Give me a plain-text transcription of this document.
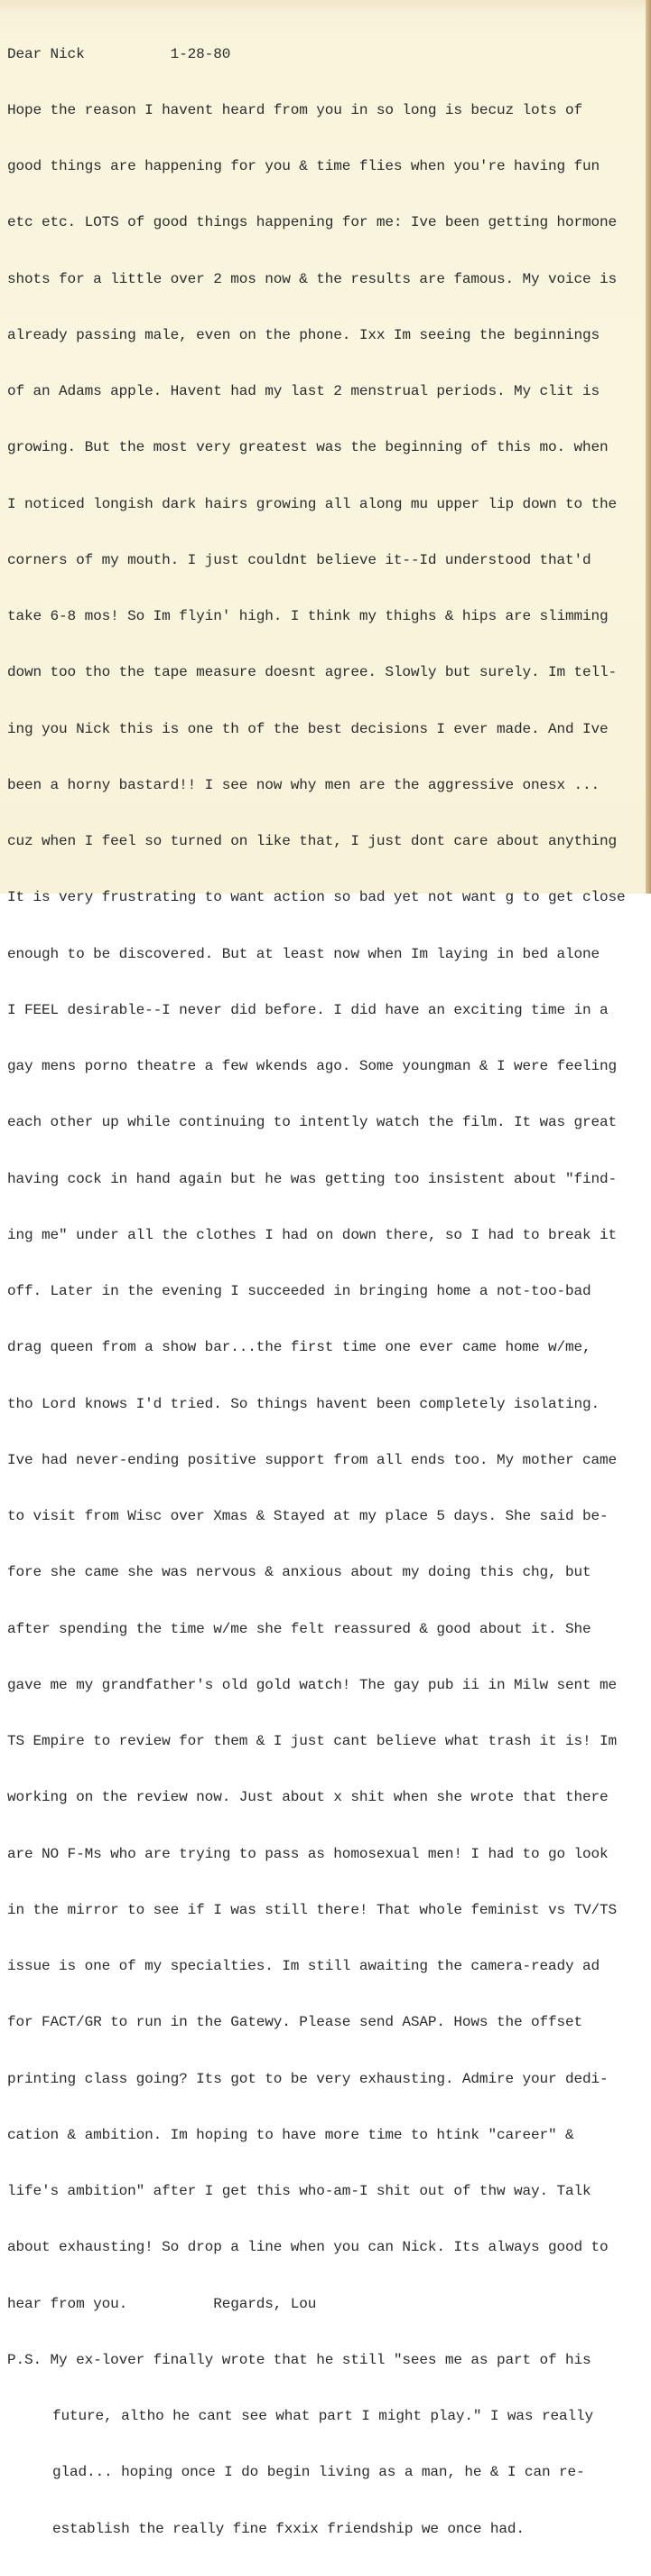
Dear Nick          1-28-80

Hope the reason I havent heard from you in so long is becuz lots of

good things are happening for you & time flies when you're having fun

etc etc. LOTS of good things happening for me: Ive been getting hormone

shots for a little over 2 mos now & the results are famous. My voice is

already passing male, even on the phone. Ixx Im seeing the beginnings

of an Adams apple. Havent had my last 2 menstrual periods. My clit is

growing. But the most very greatest was the beginning of this mo. when

I noticed longish dark hairs growing all along mu upper lip down to the

corners of my mouth. I just couldnt believe it--Id understood that'd

take 6-8 mos! So Im flyin' high. I think my thighs & hips are slimming

down too tho the tape measure doesnt agree. Slowly but surely. Im tell-

ing you Nick this is one th of the best decisions I ever made. And Ive

been a horny bastard!! I see now why men are the aggressive onesx ...

cuz when I feel so turned on like that, I just dont care about anything

It is very frustrating to want action so bad yet not want g to get close

enough to be discovered. But at least now when Im laying in bed alone

I FEEL desirable--I never did before. I did have an exciting time in a

gay mens porno theatre a few wkends ago. Some youngman & I were feeling

each other up while continuing to intently watch the film. It was great

having cock in hand again but he was getting too insistent about "find-

ing me" under all the clothes I had on down there, so I had to break it

off. Later in the evening I succeeded in bringing home a not-too-bad

drag queen from a show bar...the first time one ever came home w/me,

tho Lord knows I'd tried. So things havent been completely isolating.

Ive had never-ending positive support from all ends too. My mother came

to visit from Wisc over Xmas & Stayed at my place 5 days. She said be-

fore she came she was nervous & anxious about my doing this chg, but

after spending the time w/me she felt reassured & good about it. She

gave me my grandfather's old gold watch! The gay pub ii in Milw sent me

TS Empire to review for them & I just cant believe what trash it is! Im

working on the review now. Just about x shit when she wrote that there

are NO F-Ms who are trying to pass as homosexual men! I had to go look

in the mirror to see if I was still there! That whole feminist vs TV/TS

issue is one of my specialties. Im still awaiting the camera-ready ad

for FACT/GR to run in the Gatewy. Please send ASAP. Hows the offset

printing class going? Its got to be very exhausting. Admire your dedi-

cation & ambition. Im hoping to have more time to htink "career" &

life's ambition" after I get this who-am-I shit out of thw way. Talk

about exhausting! So drop a line when you can Nick. Its always good to

hear from you.          Regards, Lou

P.S. My ex-lover finally wrote that he still "sees me as part of his

future, altho he cant see what part I might play." I was really

glad... hoping once I do begin living as a man, he & I can re-

establish the really fine fxxix friendship we once had.
